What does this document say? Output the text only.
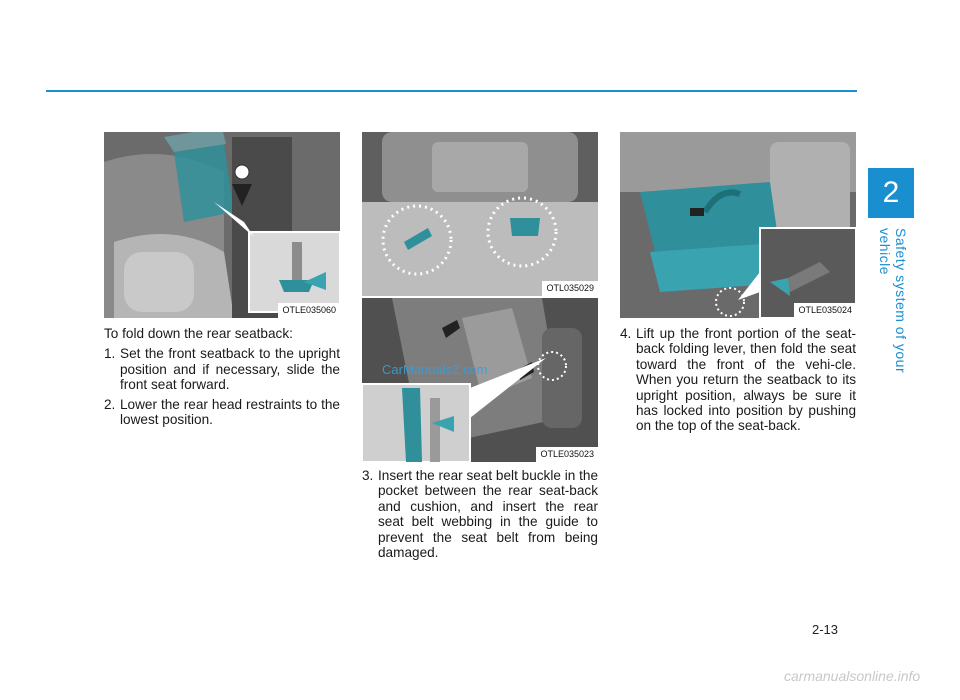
2
Safety system of your vehicle
OTLE035060
OTL035029
OTLE035023
CarManuals2.com
OTLE035024

To fold down the rear seatback:

1. Set the front seatback to the upright position and if necessary, slide the front seat forward.
2. Lower the rear head restraints to the lowest position.
3. Insert the rear seat belt buckle in the pocket between the rear seat-back and cushion, and insert the rear seat belt webbing in the guide to prevent the seat belt from being damaged.
4. Lift up the front portion of the seat-back folding lever, then fold the seat toward the front of the vehi-cle. When you return the seatback to its upright position, always be sure it has locked into position by pushing on the top of the seat-back.
2-13
carmanualsonline.info
